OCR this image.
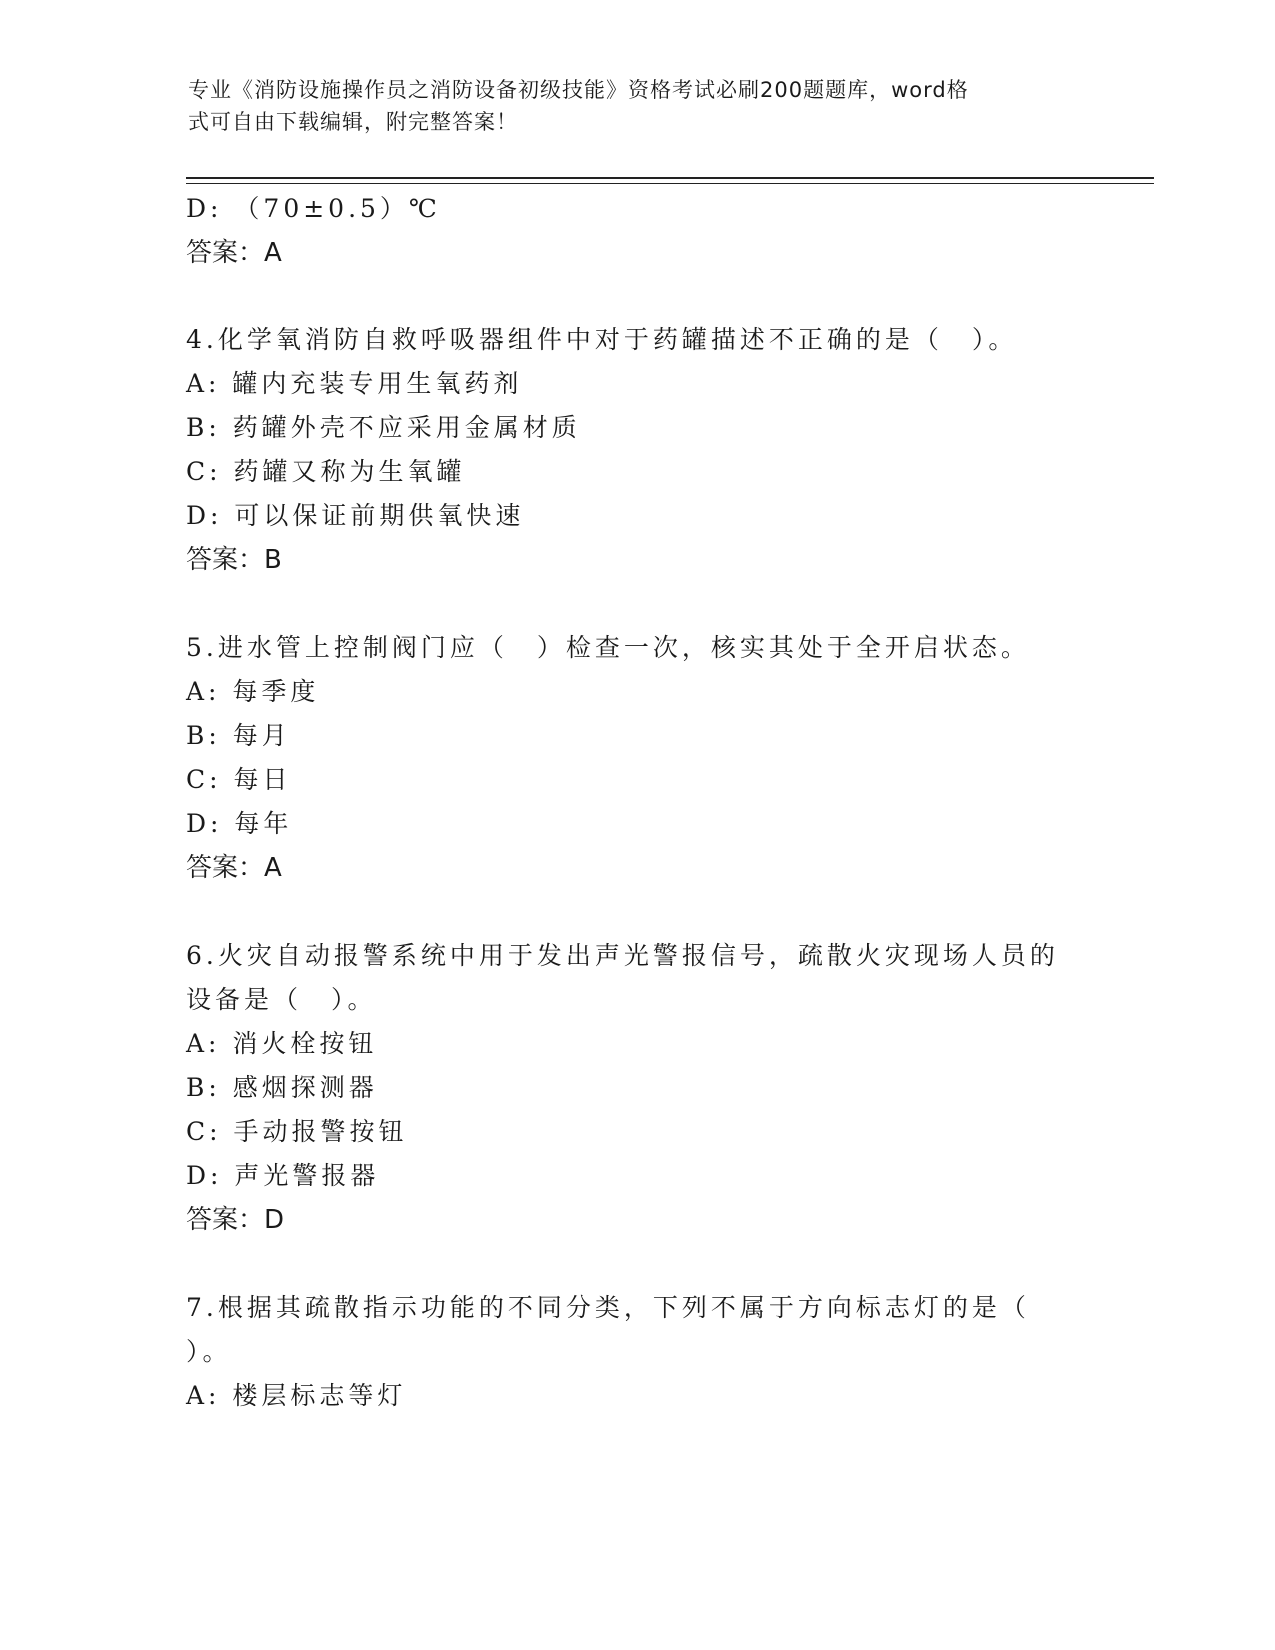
专业《消防设施操作员之消防设备初级技能》资格考试必刷200题题库，word格
式可自由下载编辑，附完整答案！
D: （70±0.5）℃
答案：A
4.化学氧消防自救呼吸器组件中对于药罐描述不正确的是（　）。
A: 罐内充装专用生氧药剂
B: 药罐外壳不应采用金属材质
C: 药罐又称为生氧罐
D: 可以保证前期供氧快速
答案：B
5.进水管上控制阀门应（　）检查一次，核实其处于全开启状态。
A: 每季度
B: 每月
C: 每日
D: 每年
答案：A
6.火灾自动报警系统中用于发出声光警报信号，疏散火灾现场人员的
设备是（　）。
A: 消火栓按钮
B: 感烟探测器
C: 手动报警按钮
D: 声光警报器
答案：D
7.根据其疏散指示功能的不同分类，下列不属于方向标志灯的是（
）。
A: 楼层标志等灯
